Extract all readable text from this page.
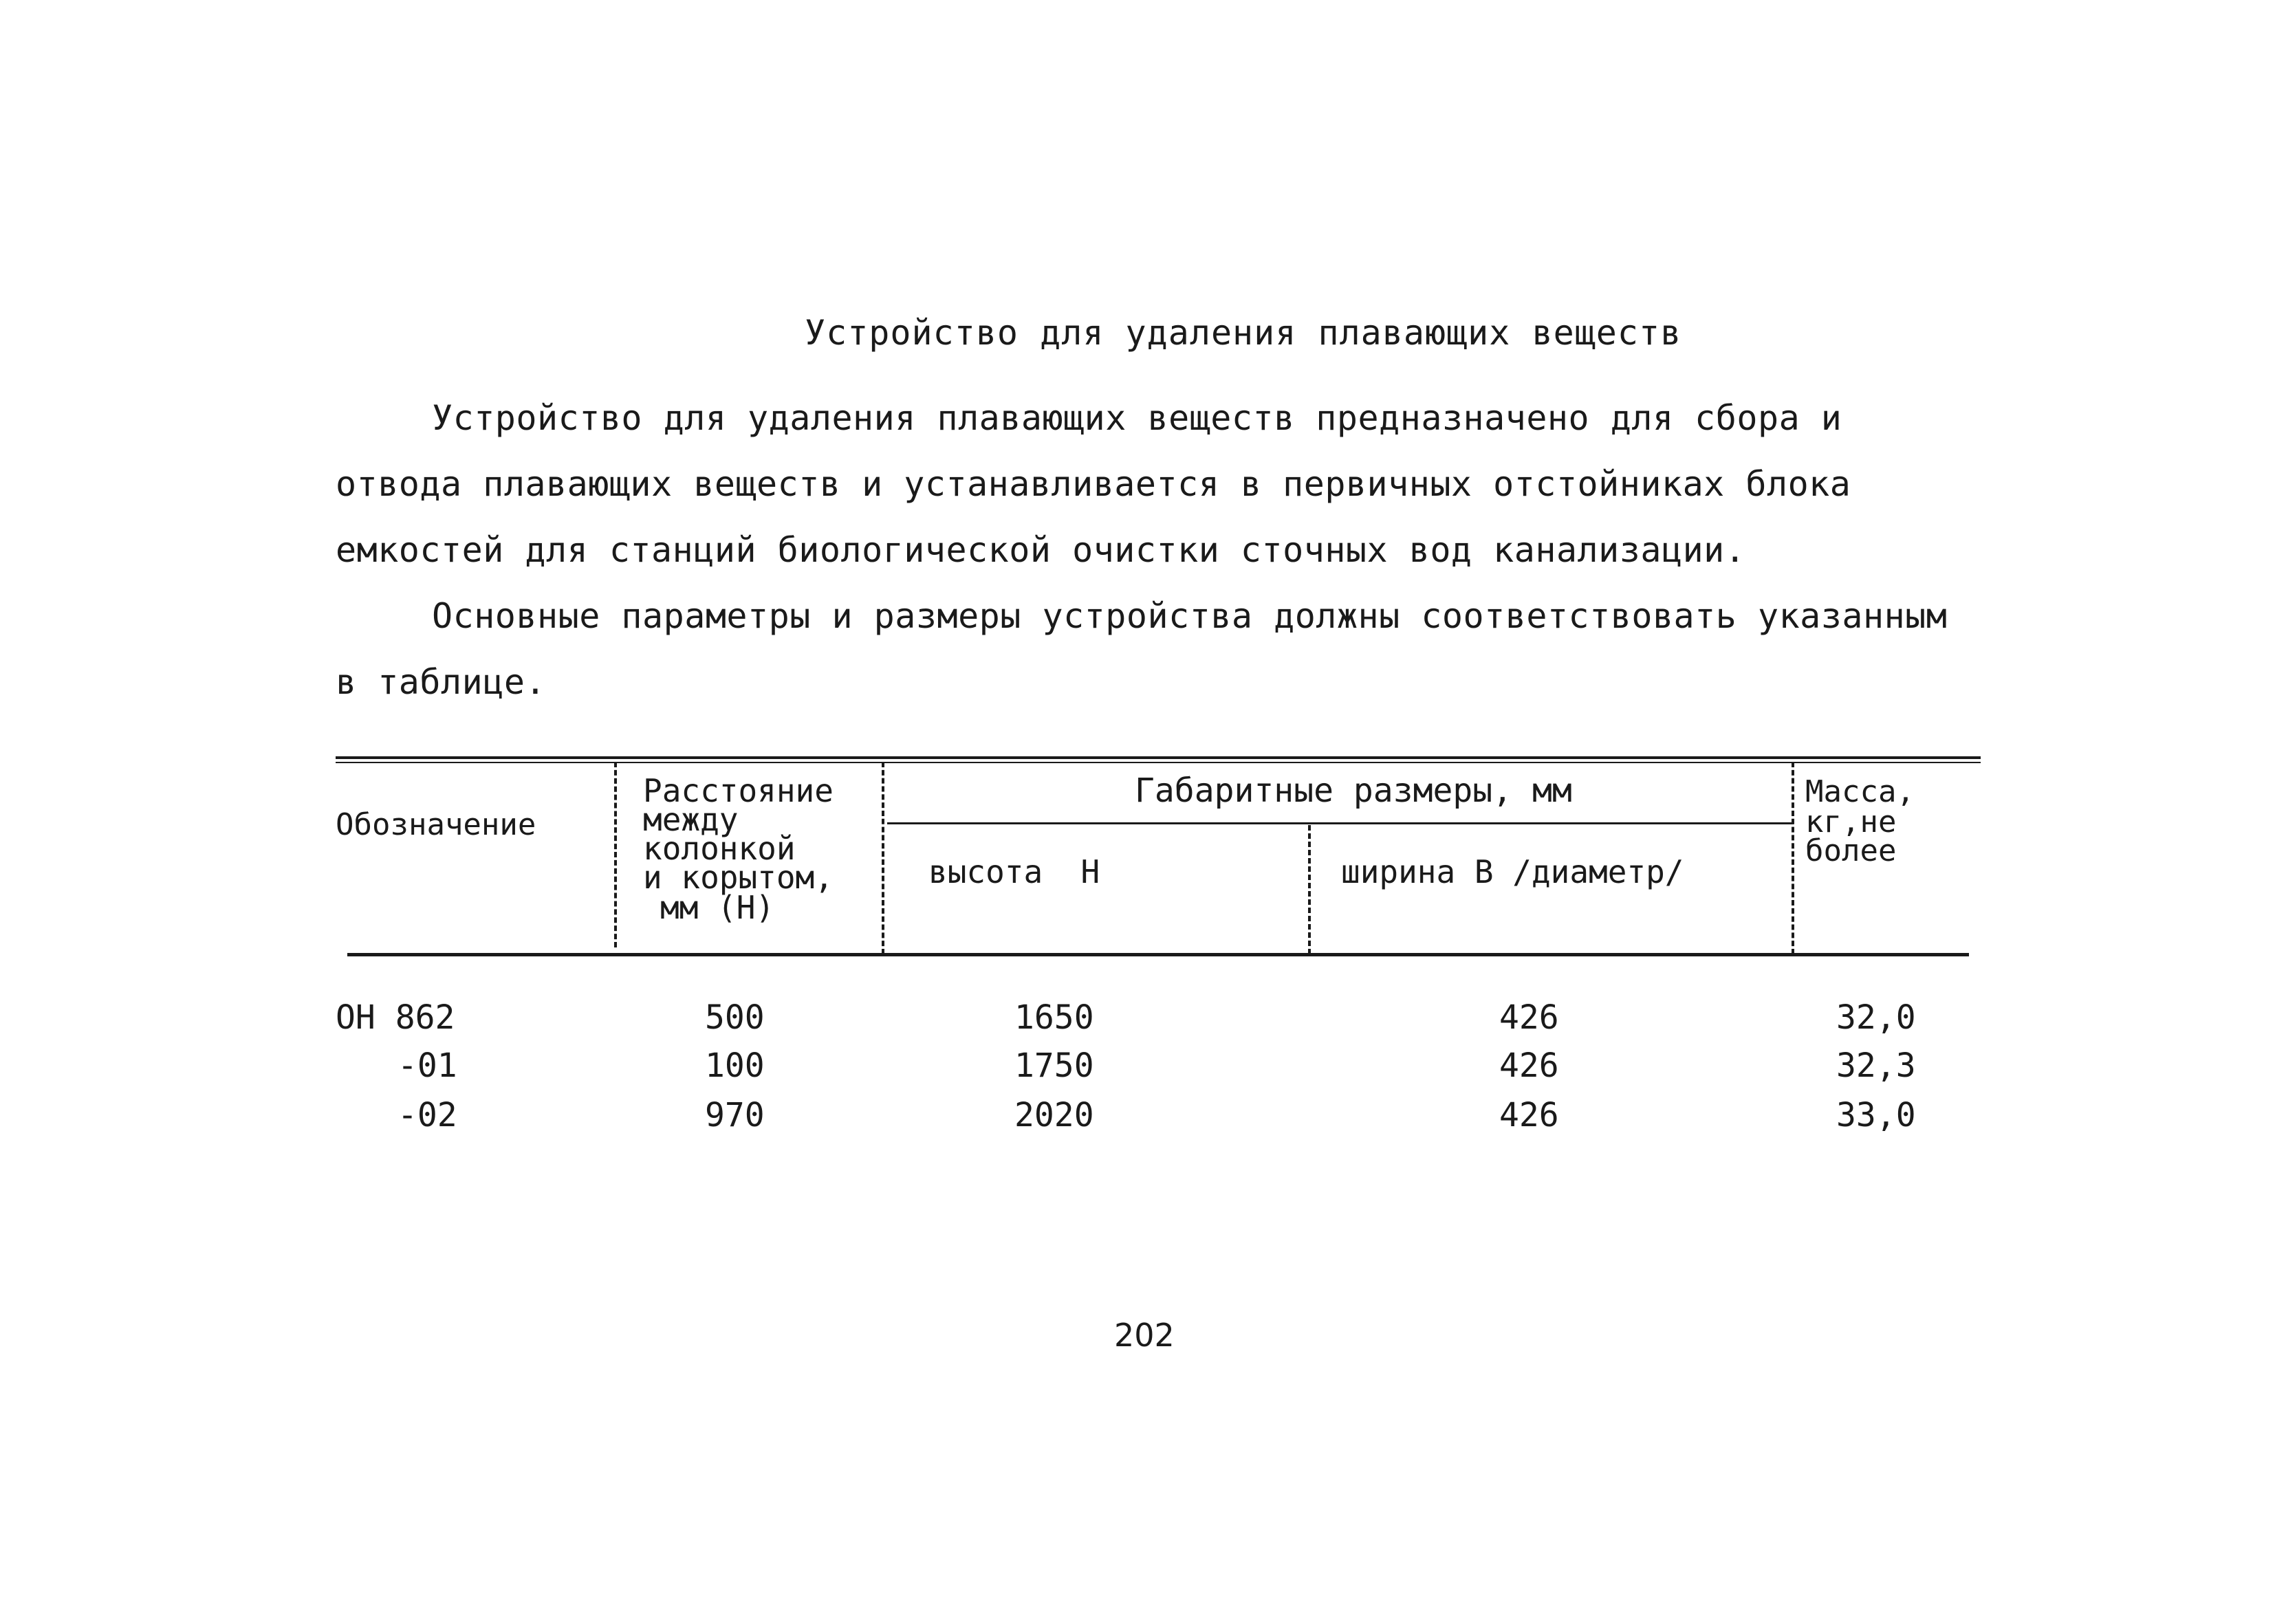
Устройство для удаления плавающих веществ

Устройство для удаления плавающих веществ предназначено для сбора и отвода плавающих веществ и устанавливается в первичных отстойниках блока емкостей для станций биологической очистки сточных вод канализации.

Основные параметры и размеры устройства должны соответствовать указанным в таблице.

Обозначение
Расстояние
между
колонкой
и корытом,
мм (Н)
Габаритные размеры, мм
высота  Н	ширина В /диаметр/
Масса,
кг,не
более
ОН 862	500	1650	426	32,0
-01	100	1750	426	32,3
-02	970	2020	426	33,0
202
